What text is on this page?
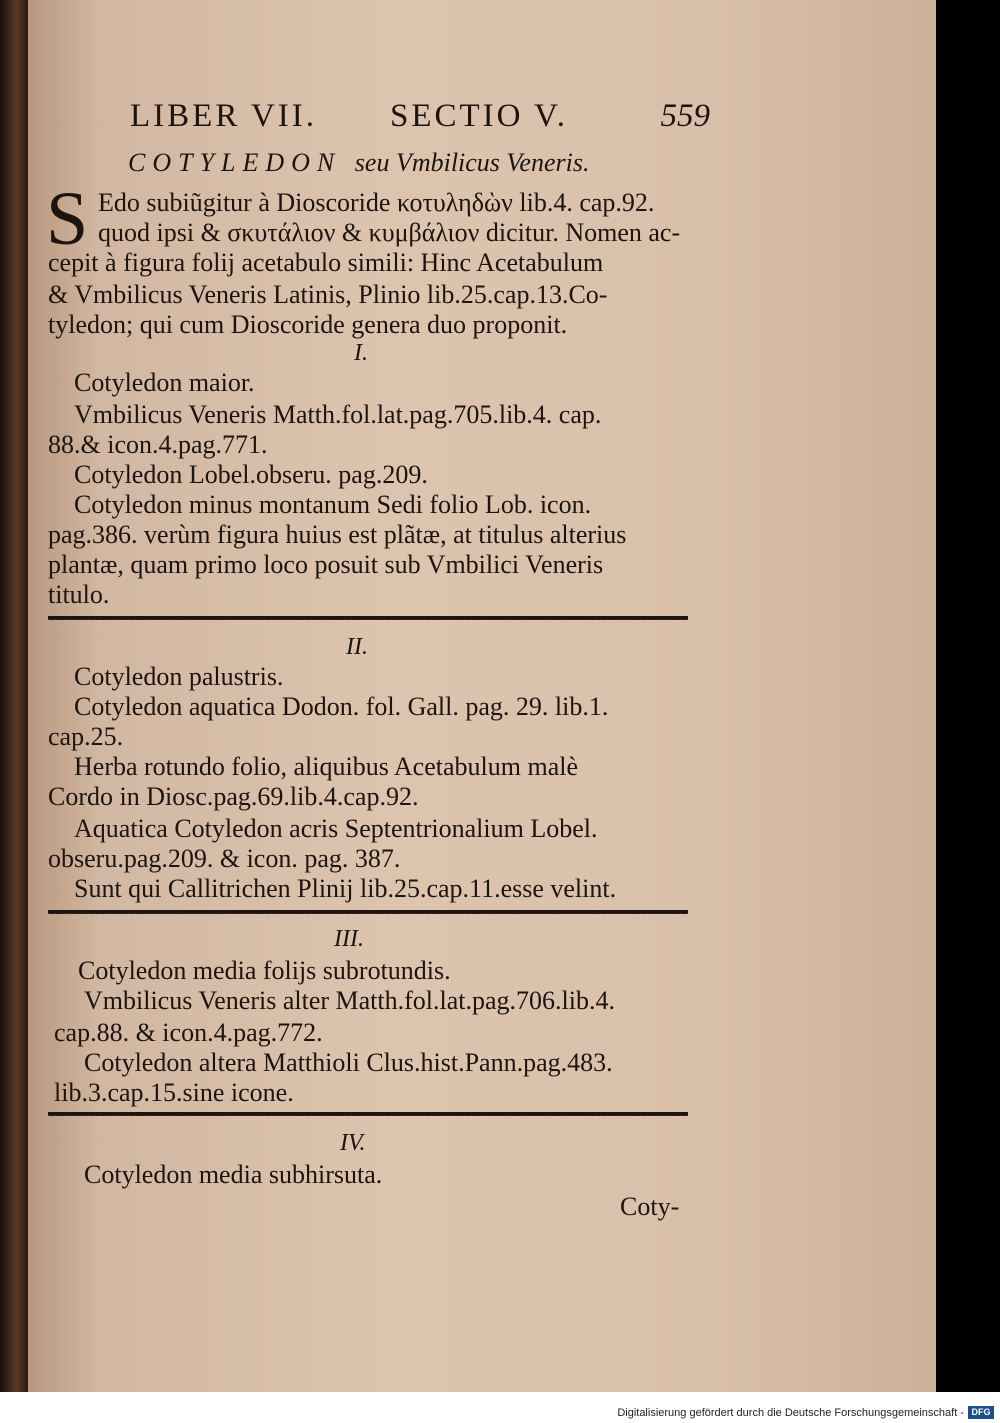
LIBER VII. SECTIO V.	559
COTYLEDON seu Vmbilicus Veneris.
S Edo subiũgitur à Dioscoride κοτυληδὼν lib.4. cap.92.
quod ipsi & σκυτάλιον & κυμβάλιον dicitur. Nomen ac-
cepit à figura folij acetabulo simili: Hinc Acetabulum
& Vmbilicus Veneris Latinis, Plinio lib.25.cap.13.Co-
tyledon; qui cum Dioscoride genera duo proponit.
I.
Cotyledon maior.
Vmbilicus Veneris Matth.fol.lat.pag.705.lib.4. cap.
88.& icon.4.pag.771.
Cotyledon Lobel.obseru. pag.209.
Cotyledon minus montanum Sedi folio Lob. icon.
pag.386. verùm figura huius est plãtæ, at titulus alterius
plantæ, quam primo loco posuit sub Vmbilici Veneris
titulo.
II.
Cotyledon palustris.
Cotyledon aquatica Dodon. fol. Gall. pag. 29. lib.1.
cap.25.
Herba rotundo folio, aliquibus Acetabulum malè
Cordo in Diosc.pag.69.lib.4.cap.92.
Aquatica Cotyledon acris Septentrionalium Lobel.
obseru.pag.209. & icon. pag. 387.
Sunt qui Callitrichen Plinij lib.25.cap.11.esse velint.
III.
Cotyledon media folijs subrotundis.
Vmbilicus Veneris alter Matth.fol.lat.pag.706.lib.4.
cap.88. & icon.4.pag.772.
Cotyledon altera Matthioli Clus.hist.Pann.pag.483.
lib.3.cap.15.sine icone.
IV.
Cotyledon media subhirsuta.
Coty-
Digitalisierung gefördert durch die Deutsche Forschungsgemeinschaft - DFG
